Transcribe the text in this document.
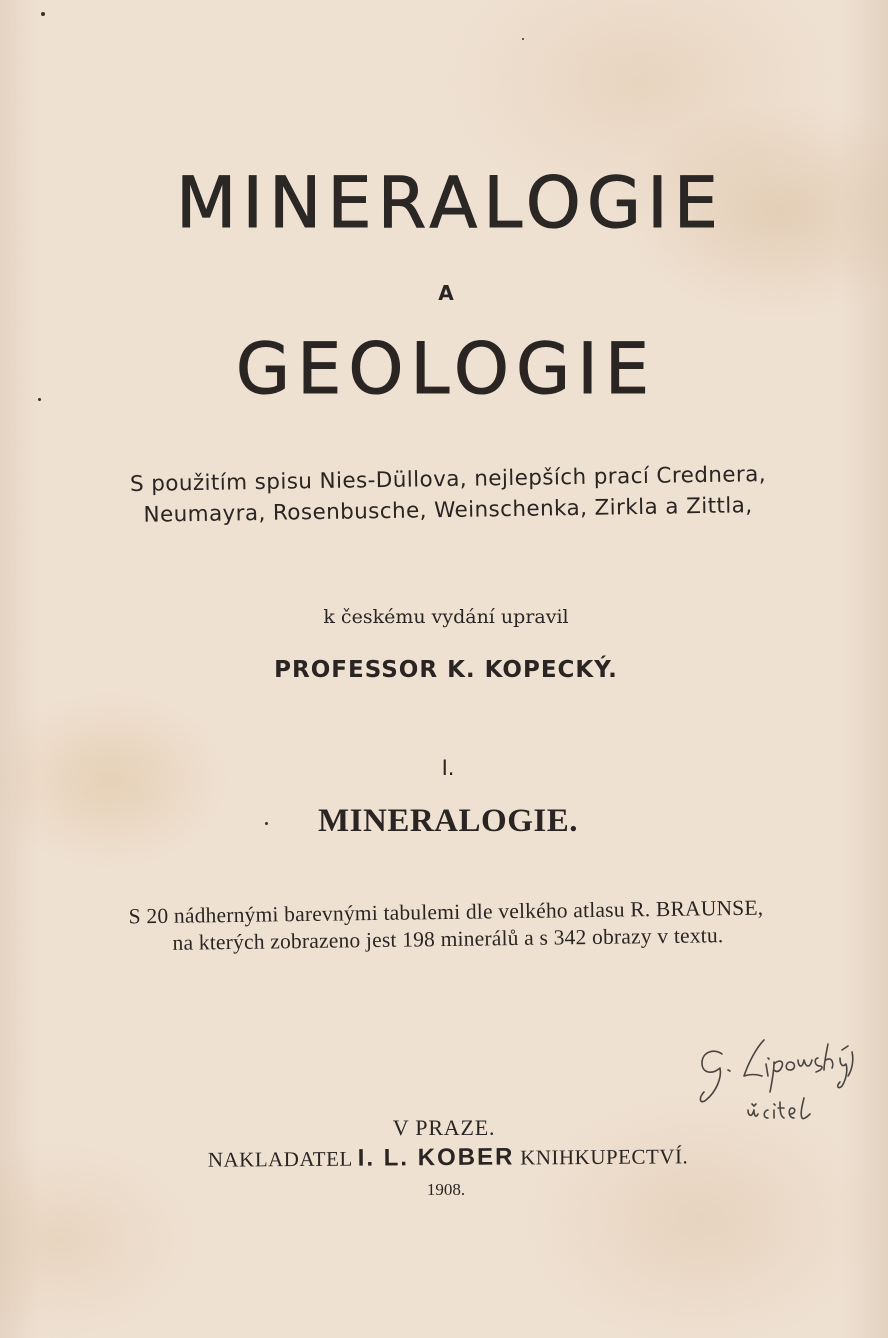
MINERALOGIE
A
GEOLOGIE
S použitím spisu Nies-Düllova, nejlepších prací Crednera,
Neumayra, Rosenbusche, Weinschenka, Zirkla a Zittla,
k českému vydání upravil
PROFESSOR K. KOPECKÝ.
I.
MINERALOGIE.
S 20 nádhernými barevnými tabulemi dle velkého atlasu R. BRAUNSE,
na kterých zobrazeno jest 198 minerálů a s 342 obrazy v textu.
V PRAZE.
NAKLADATEL I. L. KOBER KNIHKUPECTVÍ.
1908.
